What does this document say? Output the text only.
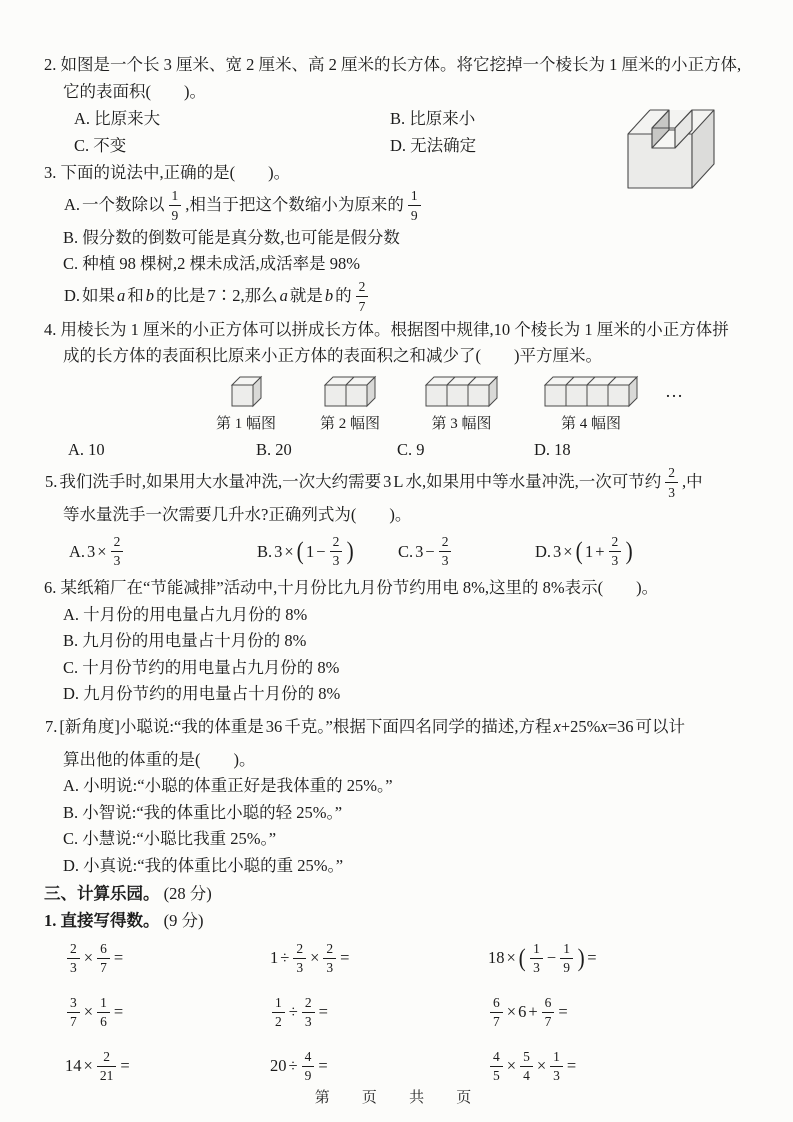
2. 如图是一个长 3 厘米、宽 2 厘米、高 2 厘米的长方体。将它挖掉一个棱长为 1 厘米的小正方体,
它的表面积(　　)。
A. 比原来大	B. 比原来小
C. 不变	D. 无法确定
3. 下面的说法中,正确的是(　　)。
A. 一个数除以 $\frac{1}{9}$ ,相当于把这个数缩小为原来的 $\frac{1}{9}$
B. 假分数的倒数可能是真分数,也可能是假分数
C. 种植 98 棵树,2 棵未成活,成活率是 98%
D. 如果 a 和 b 的比是 7∶2,那么 a 就是 b 的 $\frac{2}{7}$
4. 用棱长为 1 厘米的小正方体可以拼成长方体。根据图中规律,10 个棱长为 1 厘米的小正方体拼
成的长方体的表面积比原来小正方体的表面积之和减少了(　　)平方厘米。
第 1 幅图	第 2 幅图	第 3 幅图	第 4 幅图
…
A. 10	B. 20	C. 9	D. 18
5. 我们洗手时,如果用大水量冲洗,一次大约需要 3 L 水,如果用中等水量冲洗,一次可节约 $\frac{2}{3}$ ,中
等水量洗手一次需要几升水?正确列式为(　　)。
A. $3 \times \frac{2}{3}$	B. 3 × ( $1 - \frac{2}{3}$ )	C. $3 - \frac{2}{3}$	D. 3 × ( $1 + \frac{2}{3}$ )
6. 某纸箱厂在“节能减排”活动中,十月份比九月份节约用电 8%,这里的 8%表示(　　)。
A. 十月份的用电量占九月份的 8%
B. 九月份的用电量占十月份的 8%
C. 十月份节约的用电量占九月份的 8%
D. 九月份节约的用电量占十月份的 8%
7. [新角度]小聪说:“我的体重是 36 千克。”根据下面四名同学的描述,方程 x+25%x=36 可以计
算出他的体重的是(　　)。
A. 小明说:“小聪的体重正好是我体重的 25%。”
B. 小智说:“我的体重比小聪的轻 25%。”
C. 小慧说:“小聪比我重 25%。”
D. 小真说:“我的体重比小聪的重 25%。”
三、计算乐园。 (28 分)
1. 直接写得数。 (9 分)
$\frac{2}{3} \times \frac{6}{7}$ =	$1 \div \frac{2}{3} \times \frac{2}{3}$ =	18 × ( $\frac{1}{3} - \frac{1}{9}$ ) =
$\frac{3}{7} \times \frac{1}{6}$ =	$\frac{1}{2} \div \frac{2}{3}$ =	$\frac{6}{7} \times 6 + \frac{6}{7}$ =
$14 \times \frac{2}{21}$ =	$20 \div \frac{4}{9}$ =	$\frac{4}{5} \times \frac{5}{4} \times \frac{1}{3}$ =
第 页 共 页
